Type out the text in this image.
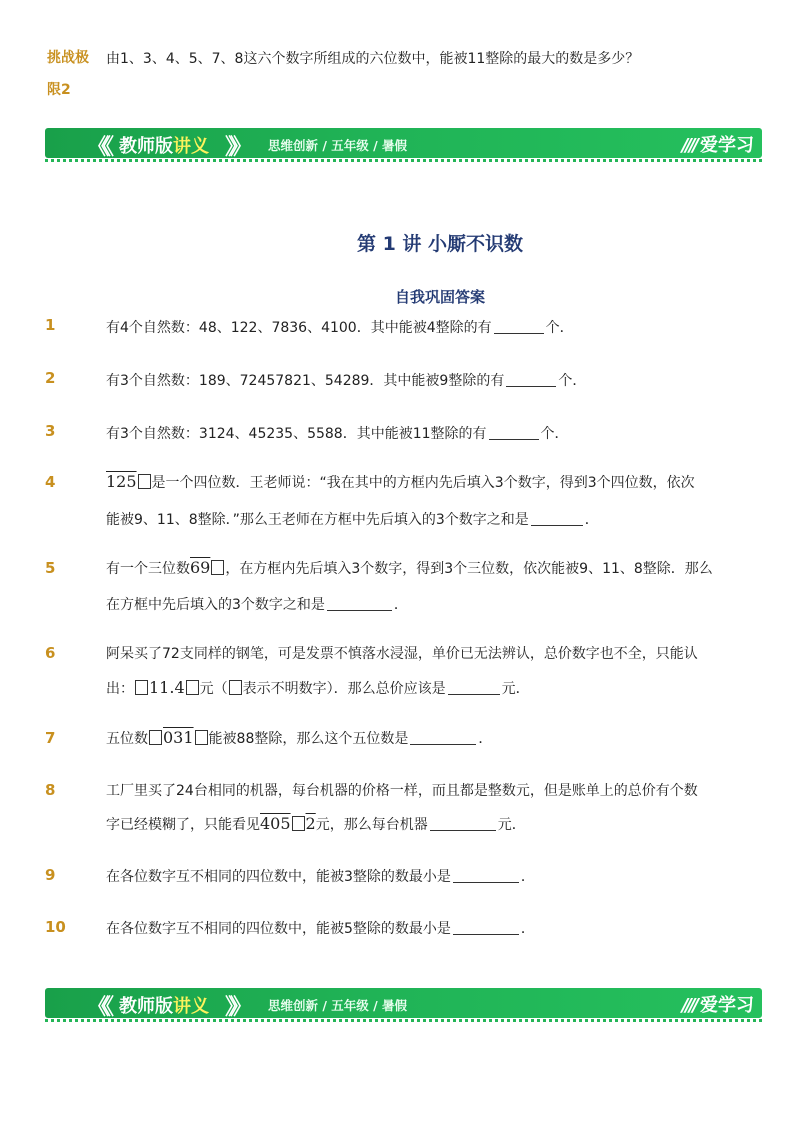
挑战极
限2
由1、3、4、5、7、8这六个数字所组成的六位数中，能被11整除的最大的数是多少？
《《 教师版讲义 》》 思维创新 / 五年级 / 暑假	//// 爱学习
第 1 讲 小厮不识数
自我巩固答案
1	有4个自然数：48、122、7836、4100．其中能被4整除的有	个．
2	有3个自然数：189、72457821、54289．其中能被9整除的有	个．
3	有3个自然数：3124、45235、5588．其中能被11整除的有	个．
4	125 是一个四位数．王老师说：“我在其中的方框内先后填入3个数字，得到3个四位数，依次
能被9、11、8整除．”那么王老师在方框中先后填入的3个数字之和是	．
5	有一个三位数69 ，在方框内先后填入3个数字，得到3个三位数，依次能被9、11、8整除．那么
在方框中先后填入的3个数字之和是	．
6	阿呆买了72支同样的钢笔，可是发票不慎落水浸湿，单价已无法辨认，总价数字也不全，只能认
出： 11.4 元（ 表示不明数字）．那么总价应该是	元．
7	五位数 031 能被88整除，那么这个五位数是	．
8	工厂里买了24台相同的机器，每台机器的价格一样，而且都是整数元，但是账单上的总价有个数
字已经模糊了，只能看见405 2元，那么每台机器	元．
9	在各位数字互不相同的四位数中，能被3整除的数最小是	．
10	在各位数字互不相同的四位数中，能被5整除的数最小是	．
《《 教师版讲义 》》 思维创新 / 五年级 / 暑假	//// 爱学习
